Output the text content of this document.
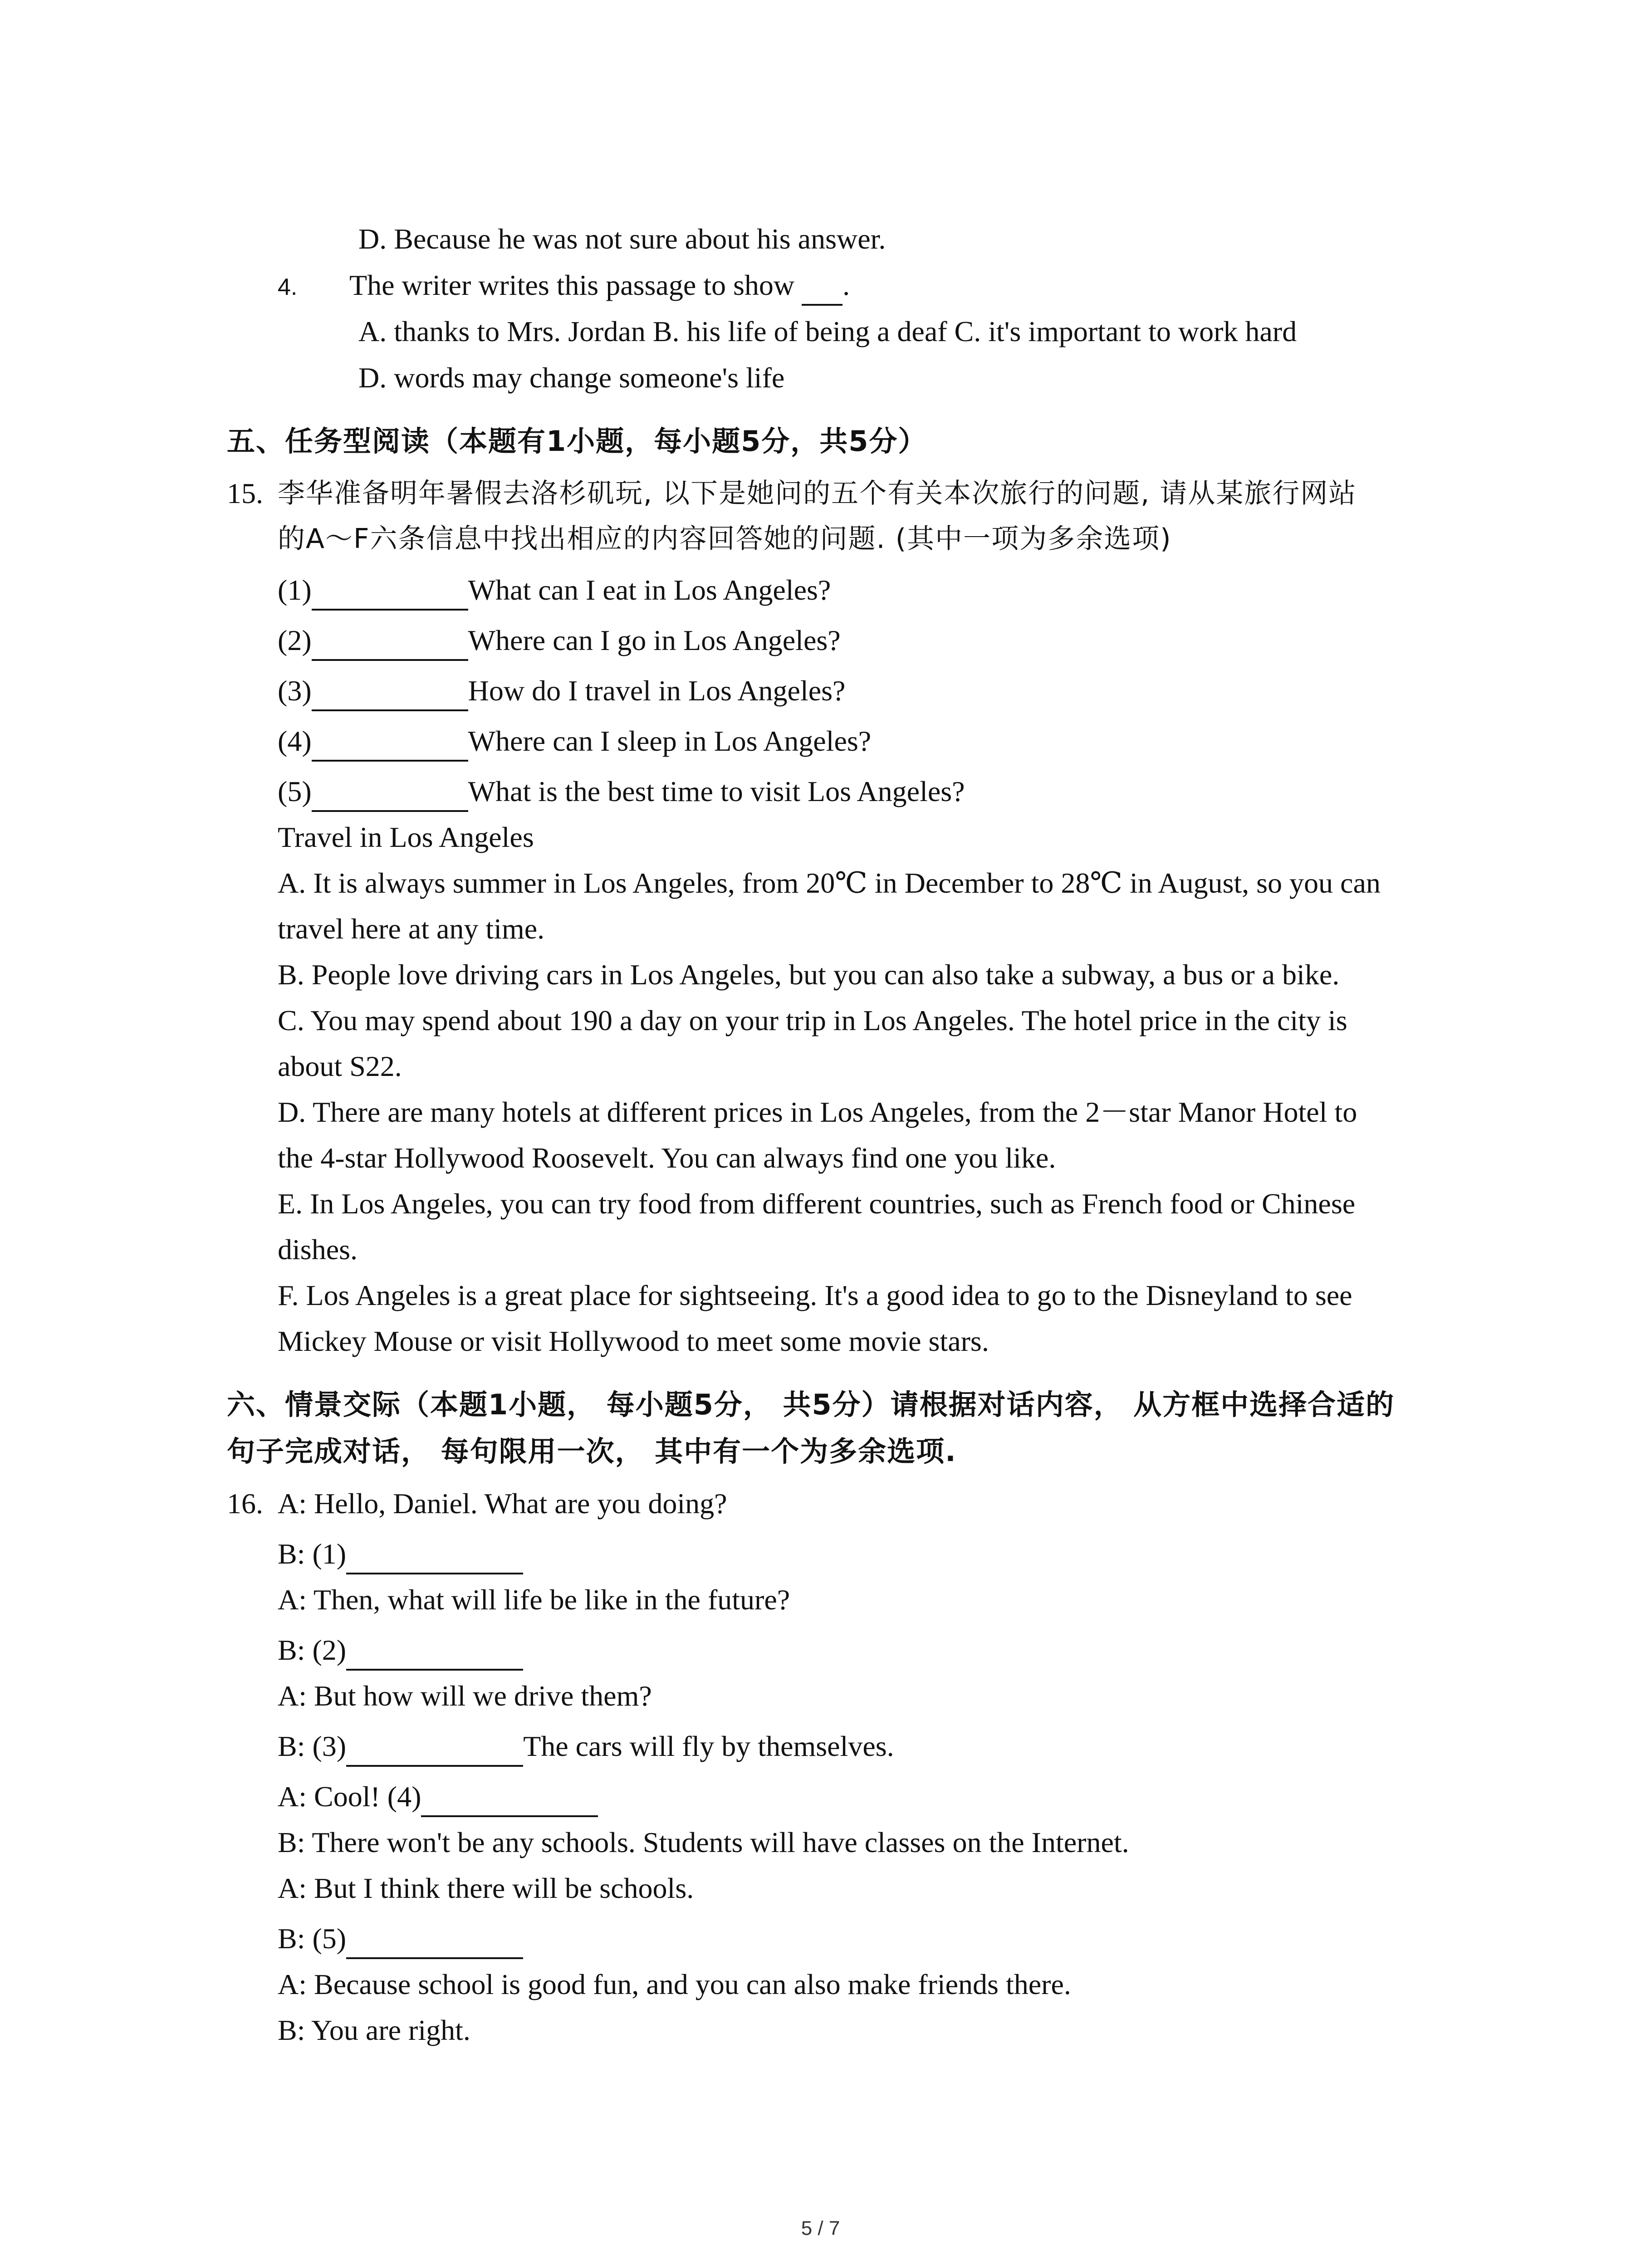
D. Because he was not sure about his answer.
4. The writer writes this passage to show .
A. thanks to Mrs. Jordan B. his life of being a deaf C. it's important to work hard
D. words may change someone's life
五、任务型阅读（本题有1小题，每小题5分，共5分）
15. 李华准备明年暑假去洛杉矶玩, 以下是她问的五个有关本次旅行的问题, 请从某旅行网站
的A～F六条信息中找出相应的内容回答她的问题. (其中一项为多余选项)
(1)	What can I eat in Los Angeles?
(2)	Where can I go in Los Angeles?
(3)	How do I travel in Los Angeles?
(4)	Where can I sleep in Los Angeles?
(5)	What is the best time to visit Los Angeles?
Travel in Los Angeles
A. It is always summer in Los Angeles, from 20℃ in December to 28℃ in August, so you can
travel here at any time.
B. People love driving cars in Los Angeles, but you can also take a subway, a bus or a bike.
C. You may spend about 190 a day on your trip in Los Angeles. The hotel price in the city is
about S22.
D. There are many hotels at different prices in Los Angeles, from the 2－star Manor Hotel to
the 4-star Hollywood Roosevelt. You can always find one you like.
E. In Los Angeles, you can try food from different countries, such as French food or Chinese
dishes.
F. Los Angeles is a great place for sightseeing. It's a good idea to go to the Disneyland to see
Mickey Mouse or visit Hollywood to meet some movie stars.
六、情景交际（本题1小题， 每小题5分， 共5分）请根据对话内容， 从方框中选择合适的
句子完成对话， 每句限用一次， 其中有一个为多余选项.
16. A: Hello, Daniel. What are you doing?
B: (1)
A: Then, what will life be like in the future?
B: (2)
A: But how will we drive them?
B: (3)	The cars will fly by themselves.
A: Cool! (4)
B: There won't be any schools. Students will have classes on the Internet.
A: But I think there will be schools.
B: (5)
A: Because school is good fun, and you can also make friends there.
B: You are right.
5 / 7
